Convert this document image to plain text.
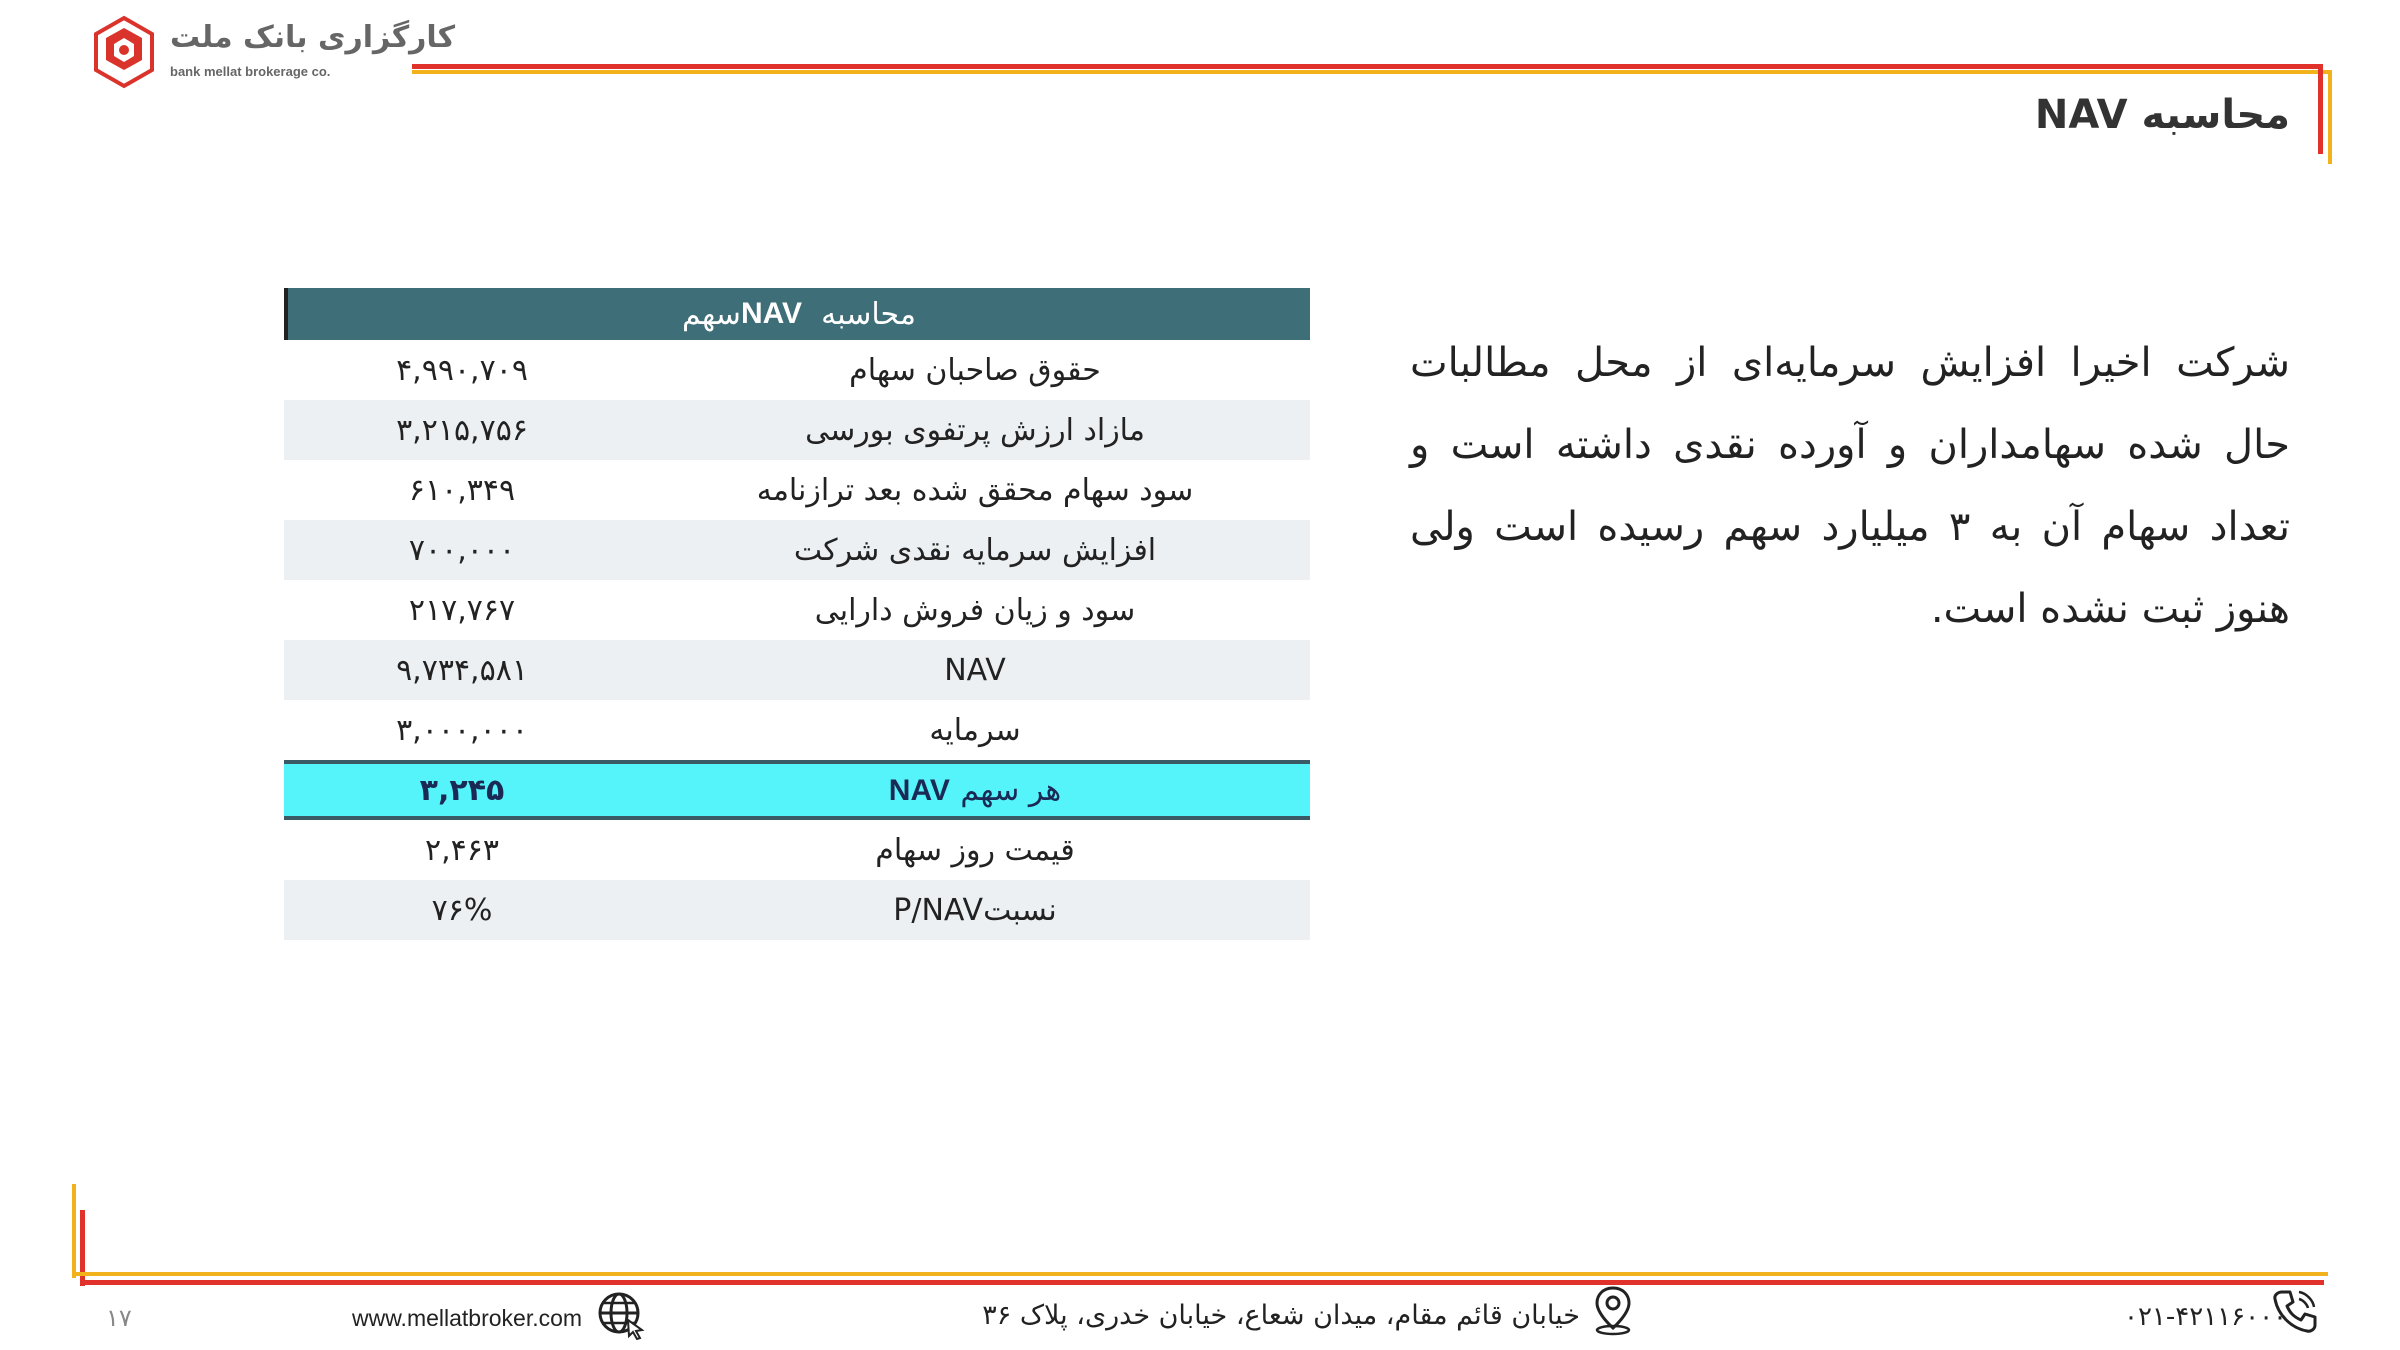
کارگزاری بانک ملت
bank mellat brokerage co.
محاسبه NAV
محاسبه

NAV
سهم
۴,۹۹۰,۷۰۹	حقوق صاحبان سهام
۳,۲۱۵,۷۵۶	مازاد ارزش پرتفوی بورسی
۶۱۰,۳۴۹	سود سهام محقق شده بعد ترازنامه
۷۰۰,۰۰۰	افزایش سرمایه نقدی شرکت
۲۱۷,۷۶۷	سود و زیان فروش دارایی
۹,۷۳۴,۵۸۱	NAV
۳,۰۰۰,۰۰۰	سرمایه
۳,۲۴۵	هر سهم NAV
۲,۴۶۳	قیمت روز سهام
۷۶%	نسبتP/NAV
شرکت اخیرا افزایش سرمایه‌ای از محل مطالبات حال شده سهامداران و آورده نقدی داشته است و تعداد سهام آن به ۳ میلیارد سهم رسیده است ولی هنوز ثبت نشده است.
۱۷	www.mellatbroker.com	خیابان قائم مقام، میدان شعاع، خیابان خدری، پلاک ۳۶	۰۲۱-۴۲۱۱۶۰۰۰
